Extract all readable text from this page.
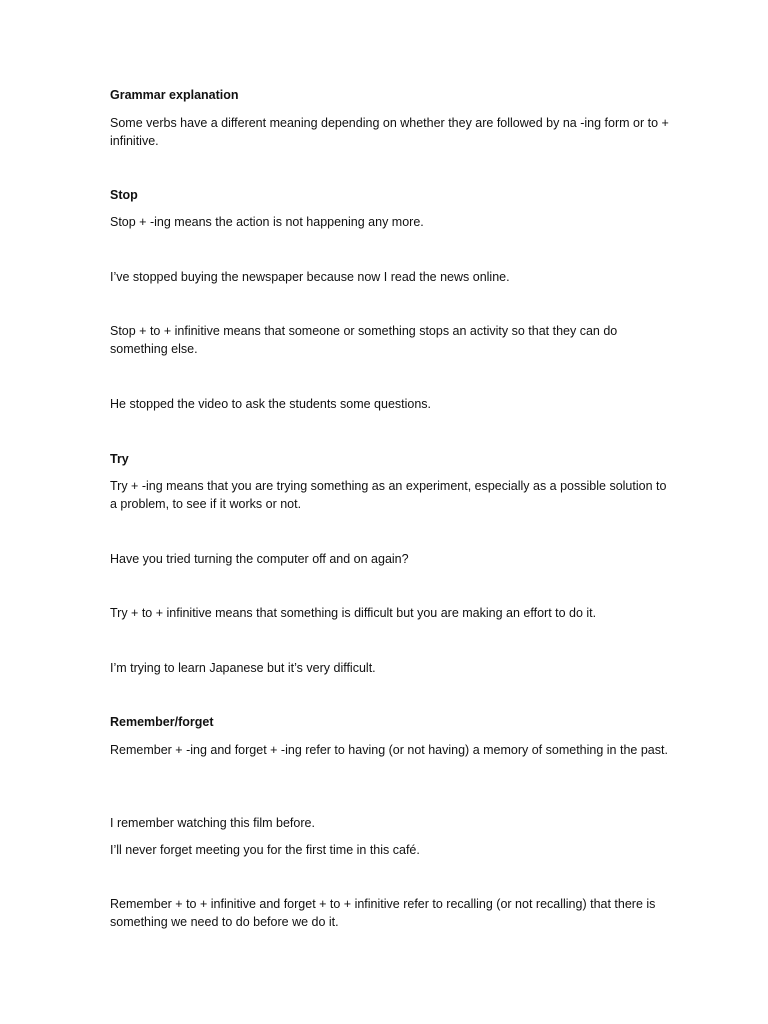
Grammar explanation

Some verbs have a different meaning depending on whether they are followed by na -ing form or to + infinitive.

Stop

Stop + -ing means the action is not happening any more.

I’ve stopped buying the newspaper because now I read the news online.

Stop + to + infinitive means that someone or something stops an activity so that they can do something else.

He stopped the video to ask the students some questions.

Try

Try + -ing means that you are trying something as an experiment, especially as a possible solution to a problem, to see if it works or not.

Have you tried turning the computer off and on again?

Try + to + infinitive means that something is difficult but you are making an effort to do it.

I’m trying to learn Japanese but it’s very difficult.

Remember/forget

Remember + -ing and forget + -ing refer to having (or not having) a memory of something in the past.

I remember watching this film before.

I’ll never forget meeting you for the first time in this café.

Remember + to + infinitive and forget + to + infinitive refer to recalling (or not recalling) that there is something we need to do before we do it.
